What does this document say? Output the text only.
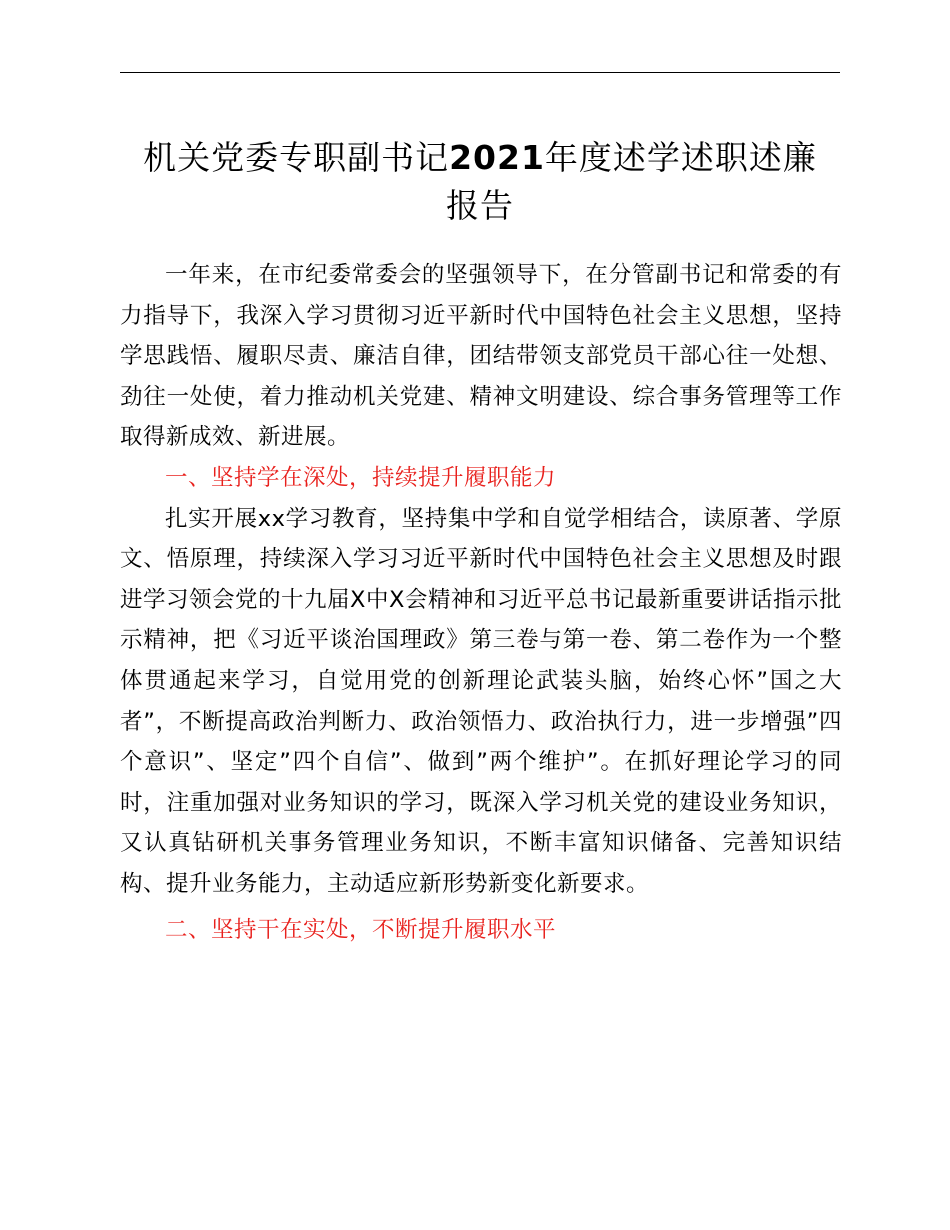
机关党委专职副书记2021年度述学述职述廉
报告

一年来，在市纪委常委会的坚强领导下，在分管副书记和常委的有力指导下，我深入学习贯彻习近平新时代中国特色社会主义思想，坚持学思践悟、履职尽责、廉洁自律，团结带领支部党员干部心往一处想、劲往一处使，着力推动机关党建、精神文明建设、综合事务管理等工作取得新成效、新进展。

一、坚持学在深处，持续提升履职能力

扎实开展xx学习教育，坚持集中学和自觉学相结合，读原著、学原文、悟原理，持续深入学习习近平新时代中国特色社会主义思想及时跟进学习领会党的十九届X中X会精神和习近平总书记最新重要讲话指示批示精神，把《习近平谈治国理政》第三卷与第一卷、第二卷作为一个整体贯通起来学习，自觉用党的创新理论武装头脑，始终心怀”国之大者”，不断提高政治判断力、政治领悟力、政治执行力，进一步增强”四个意识”、坚定”四个自信”、做到”两个维护”。在抓好理论学习的同时，注重加强对业务知识的学习，既深入学习机关党的建设业务知识，又认真钻研机关事务管理业务知识，不断丰富知识储备、完善知识结构、提升业务能力，主动适应新形势新变化新要求。

二、坚持干在实处，不断提升履职水平
